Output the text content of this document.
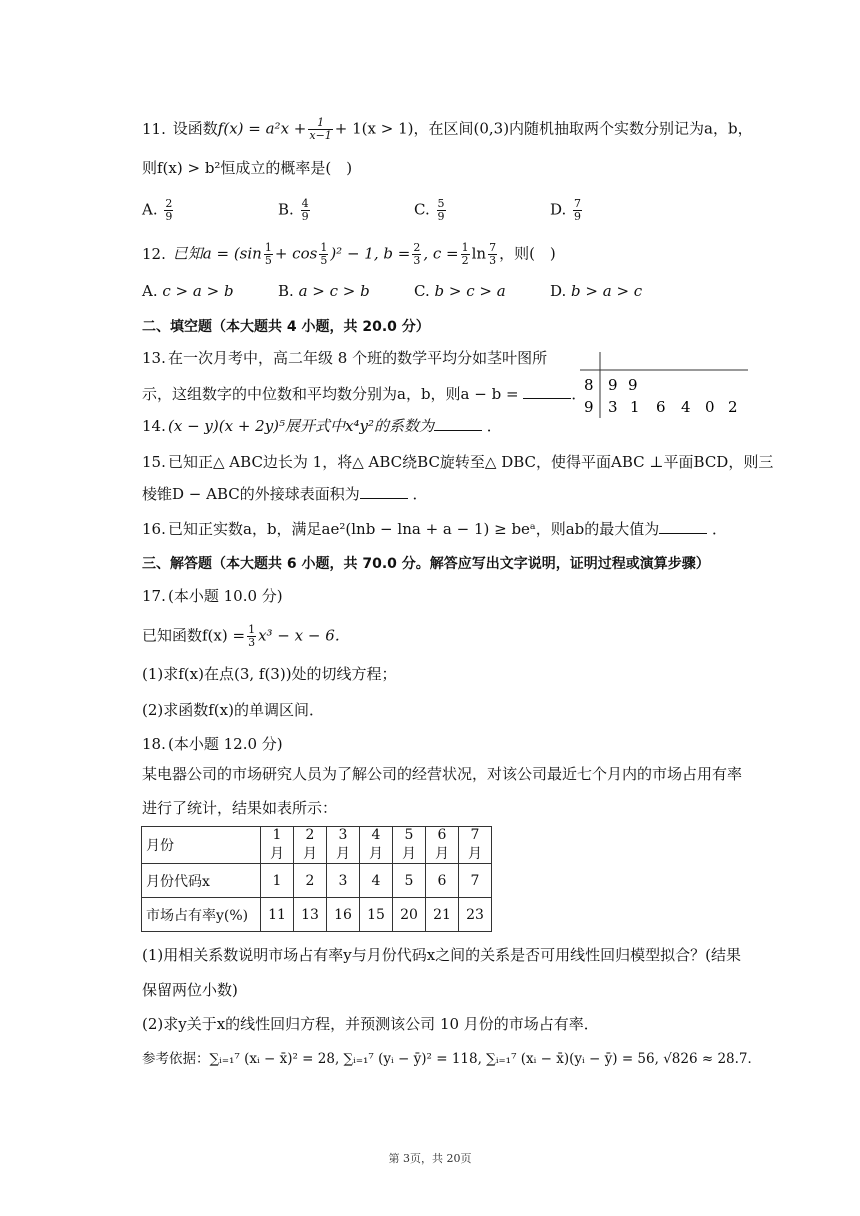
11. 设函数$f(x) = a^2x + \frac{1}{x-1} + 1(x > 1)$，在区间(0,3)内随机抽取两个实数分别记为a，b，
则f(x) > b²恒成立的概率是(　)
A. $\frac{2}{9}$	B. $\frac{4}{9}$	C. $\frac{5}{9}$	D. $\frac{7}{9}$
12. 已知$a = (\sin \frac{1}{5} + \cos \frac{1}{5} )^2 - 1$, $b = \frac{2}{3}$ , $c = \frac{1}{2}$ $\ln \frac{7}{3}$ ，则(　)
A. c > a > b	B. a > c > b	C. b > c > a	D. b > a > c
二、填空题（本大题共 4 小题，共 20.0 分）
13. 在一次月考中，高二年级 8 个班的数学平均分如茎叶图所
示，这组数字的中位数和平均数分别为a，b，则a − b =	．
8 9 9
9 3 1 6 4 0 2
14. (x − y)(x + 2y)⁵展开式中x⁴y²的系数为	．
15. 已知正△ ABC边长为 1，将△ ABC绕BC旋转至△ DBC，使得平面ABC ⊥平面BCD，则三
棱锥D − ABC的外接球表面积为	．
16. 已知正实数a，b，满足ae²(lnb − lna + a − 1) ≥ beᵃ，则ab的最大值为	．
三、解答题（本大题共 6 小题，共 70.0 分。解答应写出文字说明，证明过程或演算步骤）
17. (本小题 10.0 分)
已知函数$f(x) = \frac{1}{3} x^3 - x - 6$．
(1)求f(x)在点(3, f(3))处的切线方程；
(2)求函数f(x)的单调区间．
18. (本小题 12.0 分)
某电器公司的市场研究人员为了解公司的经营状况，对该公司最近七个月内的市场占用有率
进行了统计，结果如表所示：
月份	1 月	2 月	3 月	4 月	5 月	6 月	7 月
月份代码x	1	2	3	4	5	6	7
市场占有率y(%)	11	13	16	15	20	21	23
(1)用相关系数说明市场占有率y与月份代码x之间的关系是否可用线性回归模型拟合？(结果
保留两位小数)
(2)求y关于x的线性回归方程，并预测该公司 10 月份的市场占有率．
参考依据：∑ᵢ₌₁⁷ (xᵢ − x̄)² = 28, ∑ᵢ₌₁⁷ (yᵢ − ȳ)² = 118, ∑ᵢ₌₁⁷ (xᵢ − x̄)(yᵢ − ȳ) = 56, √826 ≈ 28.7．
第 3页，共 20页
